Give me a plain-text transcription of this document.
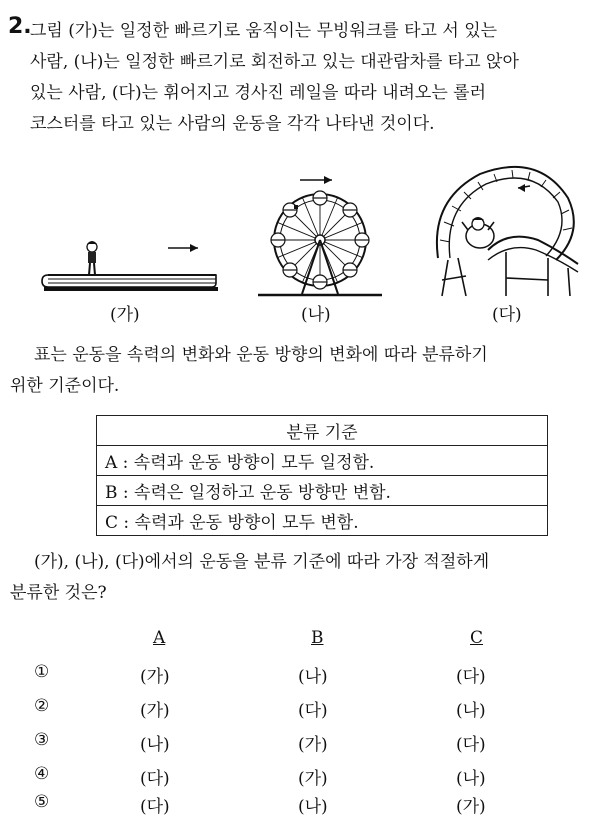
2.
그림 (가)는 일정한 빠르기로 움직이는 무빙워크를 타고 서 있는
사람, (나)는 일정한 빠르기로 회전하고 있는 대관람차를 타고 앉아
있는 사람, (다)는 휘어지고 경사진 레일을 따라 내려오는 롤러
코스터를 타고 있는 사람의 운동을 각각 나타낸 것이다.
(가)	(나)	(다)
표는 운동을 속력의 변화와 운동 방향의 변화에 따라 분류하기
위한 기준이다.
분류 기준
A : 속력과 운동 방향이 모두 일정함.
B : 속력은 일정하고 운동 방향만 변함.
C : 속력과 운동 방향이 모두 변함.
(가), (나), (다)에서의 운동을 분류 기준에 따라 가장 적절하게
분류한 것은?
A	B	C
①	(가)	(나)	(다)
②	(가)	(다)	(나)
③	(나)	(가)	(다)
④	(다)	(가)	(나)
⑤	(다)	(나)	(가)
